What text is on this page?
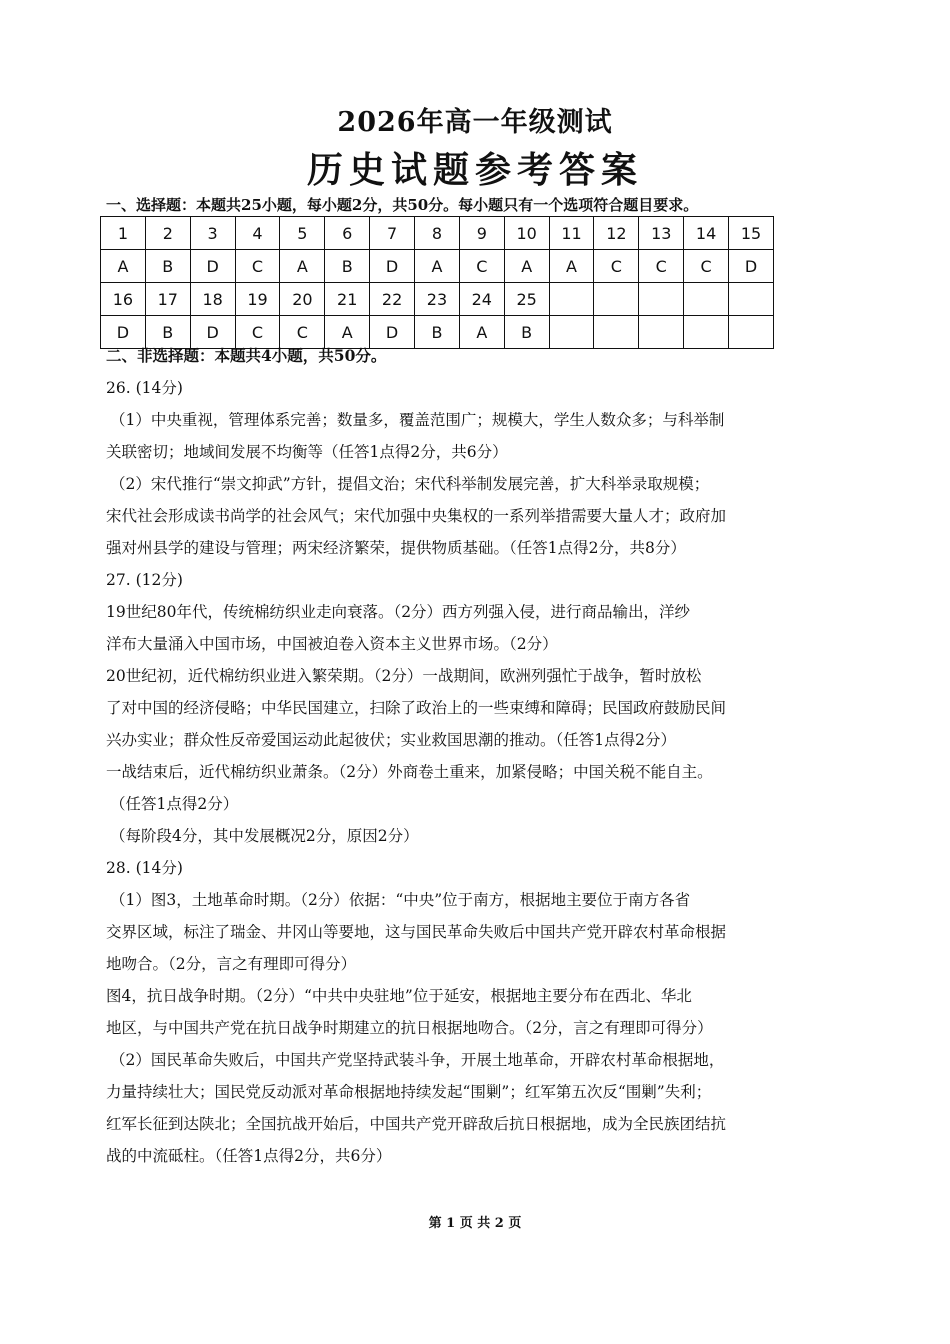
2026年高一年级测试
历史试题参考答案
一、选择题：本题共25小题，每小题2分，共50分。每小题只有一个选项符合题目要求。
1	2	3	4	5	6	7	8	9	10	11	12	13	14	15
A	B	D	C	A	B	D	A	C	A	A	C	C	C	D
16	17	18	19	20	21	22	23	24	25					
D	B	D	C	C	A	D	B	A	B					
二、非选择题：本题共4小题，共50分。
26. (14分)
（1）中央重视，管理体系完善；数量多，覆盖范围广；规模大，学生人数众多；与科举制
关联密切；地域间发展不均衡等（任答1点得2分，共6分）
（2）宋代推行“崇文抑武”方针，提倡文治；宋代科举制发展完善，扩大科举录取规模；
宋代社会形成读书尚学的社会风气；宋代加强中央集权的一系列举措需要大量人才；政府加
强对州县学的建设与管理；两宋经济繁荣，提供物质基础。（任答1点得2分，共8分）
27. (12分)
19世纪80年代，传统棉纺织业走向衰落。（2分）西方列强入侵，进行商品输出，洋纱
洋布大量涌入中国市场，中国被迫卷入资本主义世界市场。（2分）
20世纪初，近代棉纺织业进入繁荣期。（2分）一战期间，欧洲列强忙于战争，暂时放松
了对中国的经济侵略；中华民国建立，扫除了政治上的一些束缚和障碍；民国政府鼓励民间
兴办实业；群众性反帝爱国运动此起彼伏；实业救国思潮的推动。（任答1点得2分）
一战结束后，近代棉纺织业萧条。（2分）外商卷土重来，加紧侵略；中国关税不能自主。
（任答1点得2分）
（每阶段4分，其中发展概况2分，原因2分）
28. (14分)
（1）图3，土地革命时期。（2分）依据：“中央”位于南方，根据地主要位于南方各省
交界区域，标注了瑞金、井冈山等要地，这与国民革命失败后中国共产党开辟农村革命根据
地吻合。（2分，言之有理即可得分）
图4，抗日战争时期。（2分）“中共中央驻地”位于延安，根据地主要分布在西北、华北
地区，与中国共产党在抗日战争时期建立的抗日根据地吻合。（2分，言之有理即可得分）
（2）国民革命失败后，中国共产党坚持武装斗争，开展土地革命，开辟农村革命根据地，
力量持续壮大；国民党反动派对革命根据地持续发起“围剿”；红军第五次反“围剿”失利；
红军长征到达陕北；全国抗战开始后，中国共产党开辟敌后抗日根据地，成为全民族团结抗
战的中流砥柱。（任答1点得2分，共6分）
第 1 页 共 2 页
